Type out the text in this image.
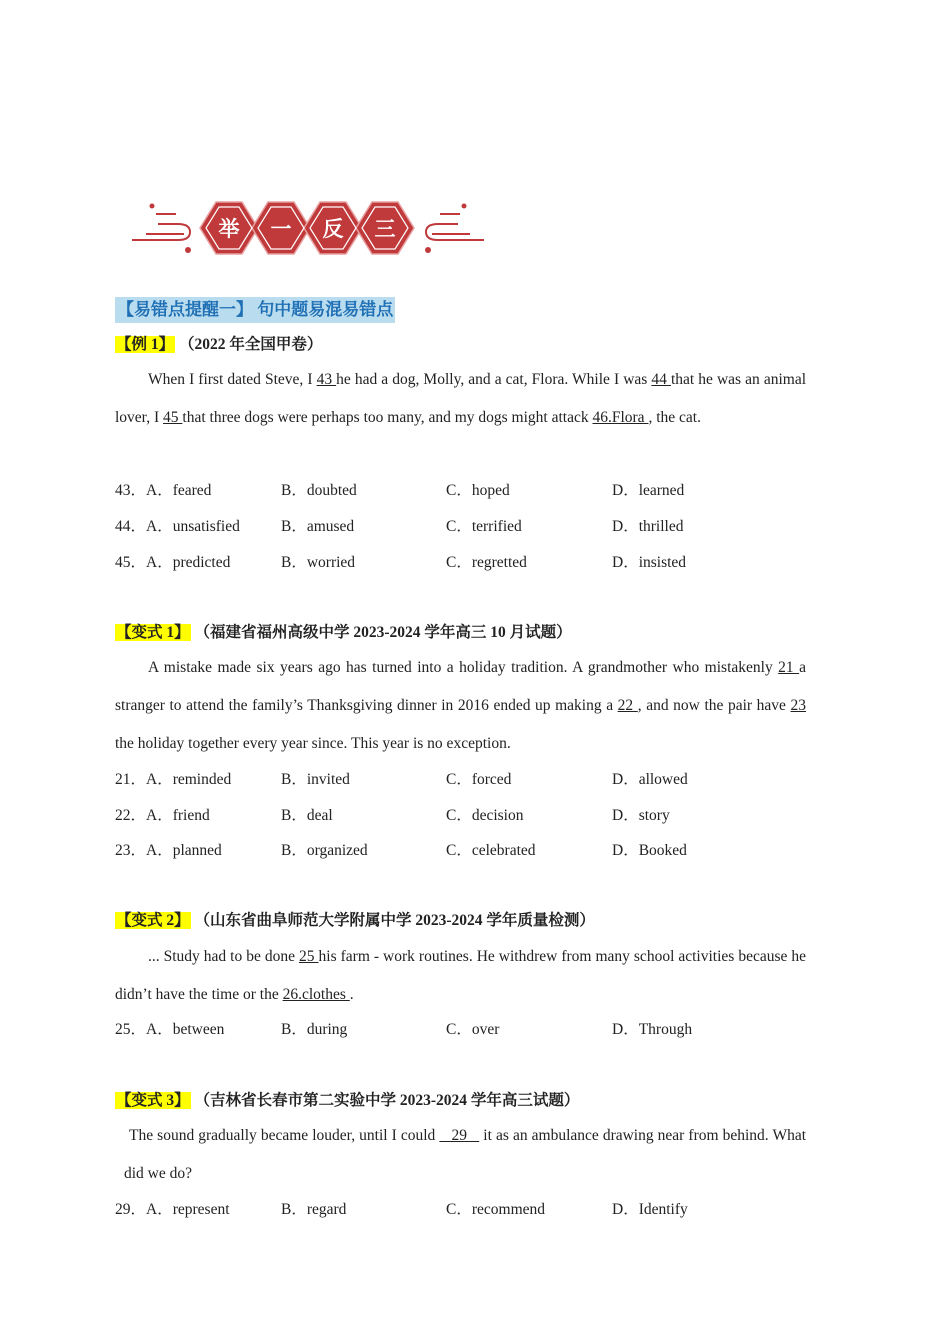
举 一 反 三
【易错点提醒一】 句中题易混易错点
【例 1】 （2022 年全国甲卷）
When I first dated Steve, I 43 he had a dog, Molly, and a cat, Flora. While I was 44 that he was an animal lover, I 45 that three dogs were perhaps too many, and my dogs might attack 46.Flora , the cat.
43．A．feared	B．doubted	C．hoped	D．learned
44．A．unsatisfied	B．amused	C．terrified	D．thrilled
45．A．predicted	B．worried	C．regretted	D．insisted
【变式 1】 （福建省福州高级中学 2023-2024 学年高三 10 月试题）
A mistake made six years ago has turned into a holiday tradition. A grandmother who mistakenly 21 a stranger to attend the family’s Thanksgiving dinner in 2016 ended up making a 22 , and now the pair have 23 the holiday together every year since. This year is no exception.
21．A．reminded	B．invited	C．forced	D．allowed
22．A．friend	B．deal	C．decision	D．story
23．A．planned	B．organized	C．celebrated	D．Booked
【变式 2】 （山东省曲阜师范大学附属中学 2023-2024 学年质量检测）
... Study had to be done 25 his farm - work routines. He withdrew from many school activities because he didn’t have the time or the 26.clothes .
25．A．between	B．during	C．over	D．Through
【变式 3】 （吉林省长春市第二实验中学 2023-2024 学年高三试题）
The sound gradually became louder, until I could    29    it as an ambulance drawing near from behind. What did we do?
29．A．represent	B．regard	C．recommend	D．Identify
